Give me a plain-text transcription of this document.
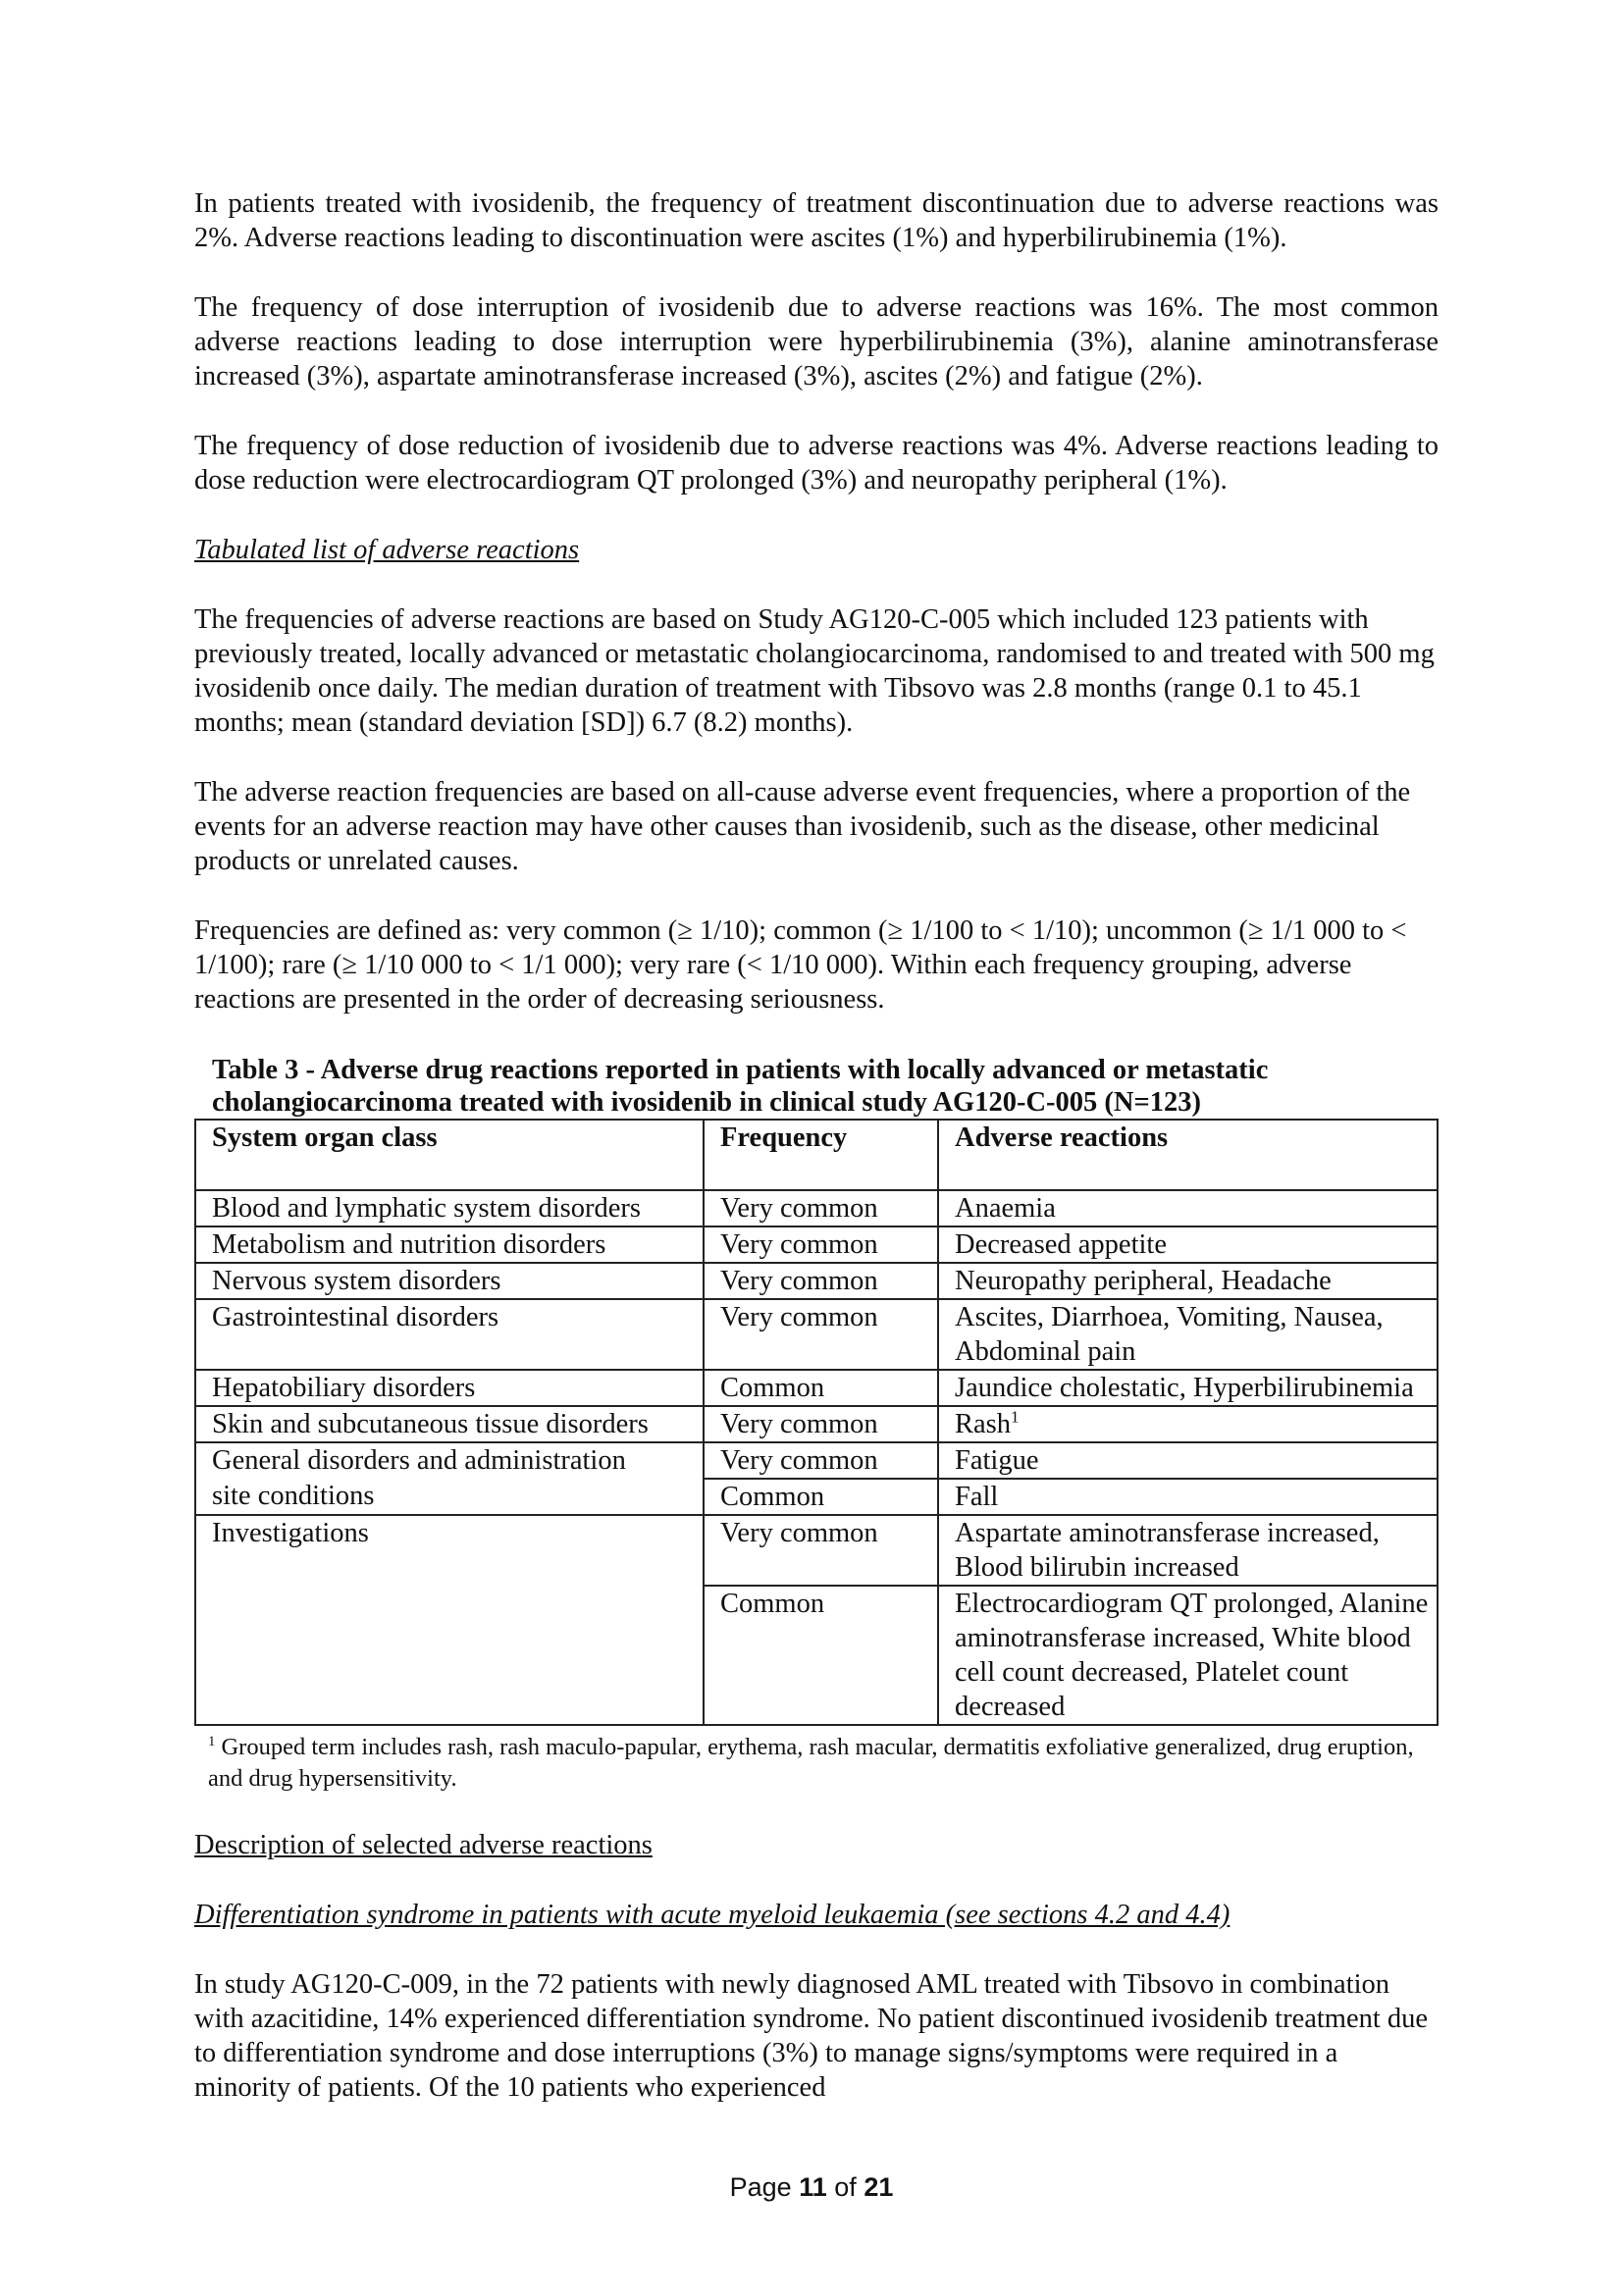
In patients treated with ivosidenib, the frequency of treatment discontinuation due to adverse reactions was 2%. Adverse reactions leading to discontinuation were ascites (1%) and hyperbilirubinemia (1%).

The frequency of dose interruption of ivosidenib due to adverse reactions was 16%. The most common adverse reactions leading to dose interruption were hyperbilirubinemia (3%), alanine aminotransferase increased (3%), aspartate aminotransferase increased (3%), ascites (2%) and fatigue (2%).

The frequency of dose reduction of ivosidenib due to adverse reactions was 4%. Adverse reactions leading to dose reduction were electrocardiogram QT prolonged (3%) and neuropathy peripheral (1%).

Tabulated list of adverse reactions

The frequencies of adverse reactions are based on Study AG120-C-005 which included 123 patients with previously treated, locally advanced or metastatic cholangiocarcinoma, randomised to and treated with 500 mg ivosidenib once daily. The median duration of treatment with Tibsovo was 2.8 months (range 0.1 to 45.1 months; mean (standard deviation [SD]) 6.7 (8.2) months).

The adverse reaction frequencies are based on all-cause adverse event frequencies, where a proportion of the events for an adverse reaction may have other causes than ivosidenib, such as the disease, other medicinal products or unrelated causes.

Frequencies are defined as: very common (≥ 1/10); common (≥ 1/100 to < 1/10); uncommon (≥ 1/1 000 to < 1/100); rare (≥ 1/10 000 to < 1/1 000); very rare (< 1/10 000). Within each frequency grouping, adverse reactions are presented in the order of decreasing seriousness.

Table 3 - Adverse drug reactions reported in patients with locally advanced or metastatic
cholangiocarcinoma treated with ivosidenib in clinical study AG120-C-005 (N=123)
System organ class	Frequency	Adverse reactions
Blood and lymphatic system disorders	Very common	Anaemia
Metabolism and nutrition disorders	Very common	Decreased appetite
Nervous system disorders	Very common	Neuropathy peripheral, Headache
Gastrointestinal disorders	Very common	Ascites, Diarrhoea, Vomiting, Nausea, Abdominal pain
Hepatobiliary disorders	Common	Jaundice cholestatic, Hyperbilirubinemia
Skin and subcutaneous tissue disorders	Very common	Rash$^1$
General disorders and administration	Very common	Fatigue
site conditions	Common	Fall
Investigations	Very common	Aspartate aminotransferase increased, Blood bilirubin increased
	Common	Electrocardiogram QT prolonged, Alanine aminotransferase increased, White blood cell count decreased, Platelet count decreased
$^1$ Grouped term includes rash, rash maculo-papular, erythema, rash macular, dermatitis exfoliative generalized, drug eruption, and drug hypersensitivity.
Description of selected adverse reactions
Differentiation syndrome in patients with acute myeloid leukaemia (see sections 4.2 and 4.4)

In study AG120-C-009, in the 72 patients with newly diagnosed AML treated with Tibsovo in combination with azacitidine, 14% experienced differentiation syndrome. No patient discontinued ivosidenib treatment due to differentiation syndrome and dose interruptions (3%) to manage signs/symptoms were required in a minority of patients. Of the 10 patients who experienced

Page 11 of 21
